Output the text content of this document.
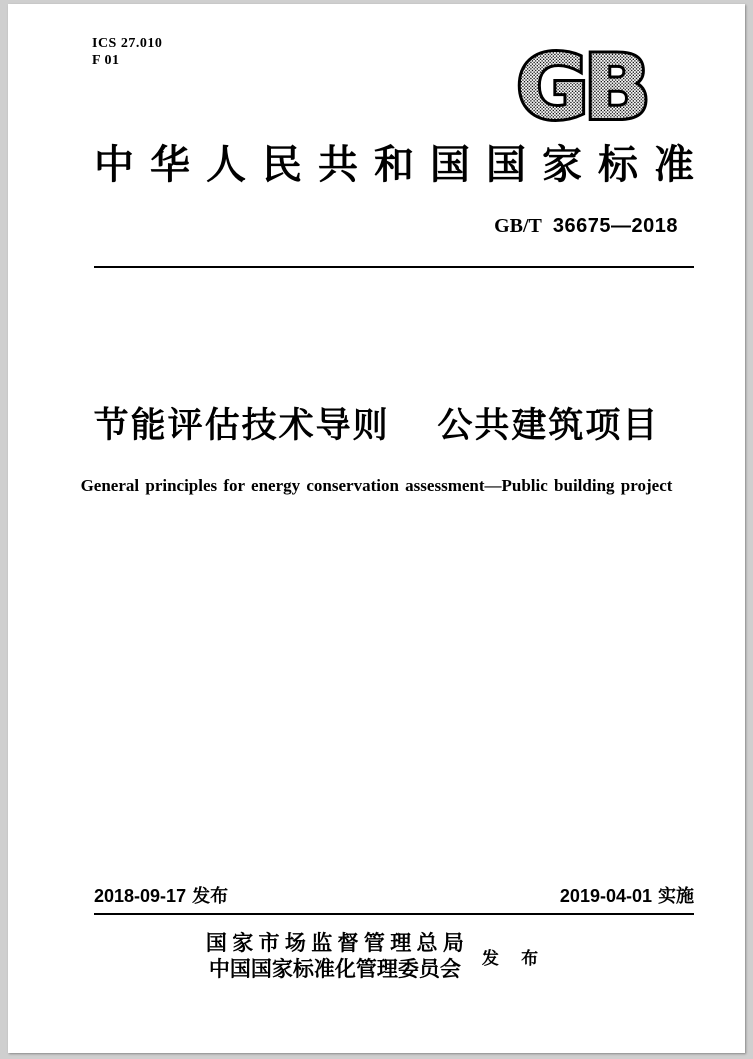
ICS 27.010
F 01	GB
中华人民共和国国家标准
GB/T 36675—2018
节能评估技术导则 公共建筑项目
General principles for energy conservation assessment—Public building project
2018-09-17 发布	2019-04-01 实施
国家市场监督管理总局
中国国家标准化管理委员会 发 布
